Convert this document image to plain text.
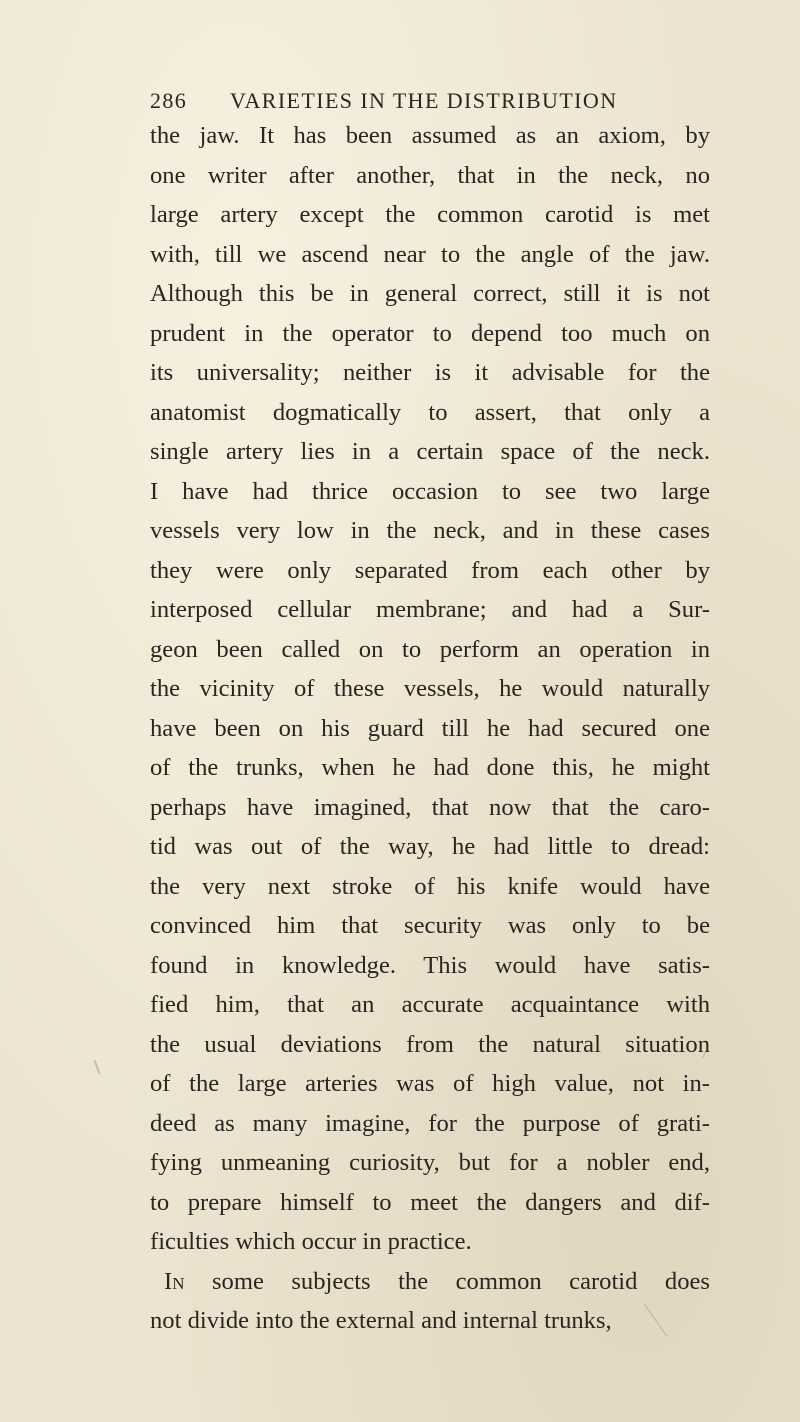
286 VARIETIES IN THE DISTRIBUTION
the jaw. It has been assumed as an axiom, by
one writer after another, that in the neck, no
large artery except the common carotid is met
with, till we ascend near to the angle of the jaw.
Although this be in general correct, still it is not
prudent in the operator to depend too much on
its universality; neither is it advisable for the
anatomist dogmatically to assert, that only a
single artery lies in a certain space of the neck.
I have had thrice occasion to see two large
vessels very low in the neck, and in these cases
they were only separated from each other by
interposed cellular membrane; and had a Sur-
geon been called on to perform an operation in
the vicinity of these vessels, he would naturally
have been on his guard till he had secured one
of the trunks, when he had done this, he might
perhaps have imagined, that now that the caro-
tid was out of the way, he had little to dread:
the very next stroke of his knife would have
convinced him that security was only to be
found in knowledge. This would have satis-
fied him, that an accurate acquaintance with
the usual deviations from the natural situation
of the large arteries was of high value, not in-
deed as many imagine, for the purpose of grati-
fying unmeaning curiosity, but for a nobler end,
to prepare himself to meet the dangers and dif-
ficulties which occur in practice.
In some subjects the common carotid does
not divide into the external and internal trunks,
